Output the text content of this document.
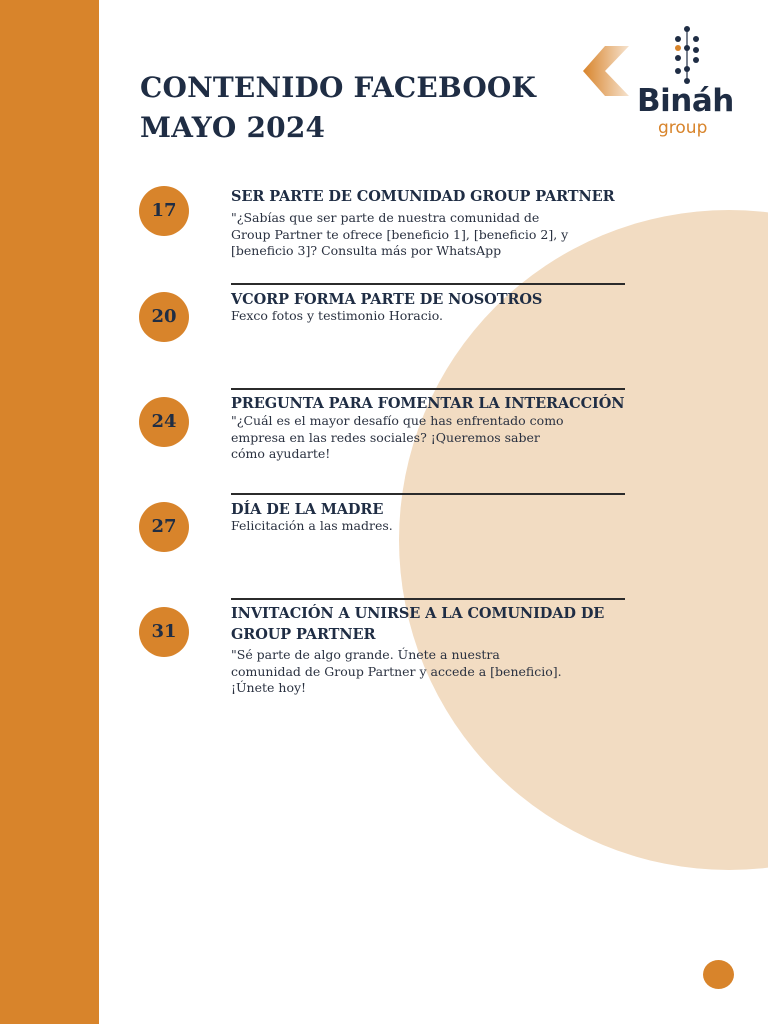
CONTENIDO FACEBOOK
MAYO 2024
Bináh
group
17
SER PARTE DE COMUNIDAD GROUP PARTNER

"¿Sabías que ser parte de nuestra comunidad de Group Partner te ofrece [beneficio 1], [beneficio 2], y [beneficio 3]? Consulta más por WhatsApp

20
VCORP FORMA PARTE DE NOSOTROS

Fexco fotos y testimonio Horacio.

24
PREGUNTA PARA FOMENTAR LA INTERACCIÓN

"¿Cuál es el mayor desafío que has enfrentado como empresa en las redes sociales? ¡Queremos saber cómo ayudarte!

27
DÍA DE LA MADRE

Felicitación a las madres.

31
INVITACIÓN A UNIRSE A LA COMUNIDAD DE GROUP PARTNER

"Sé parte de algo grande. Únete a nuestra comunidad de Group Partner y accede a [beneficio]. ¡Únete hoy!
